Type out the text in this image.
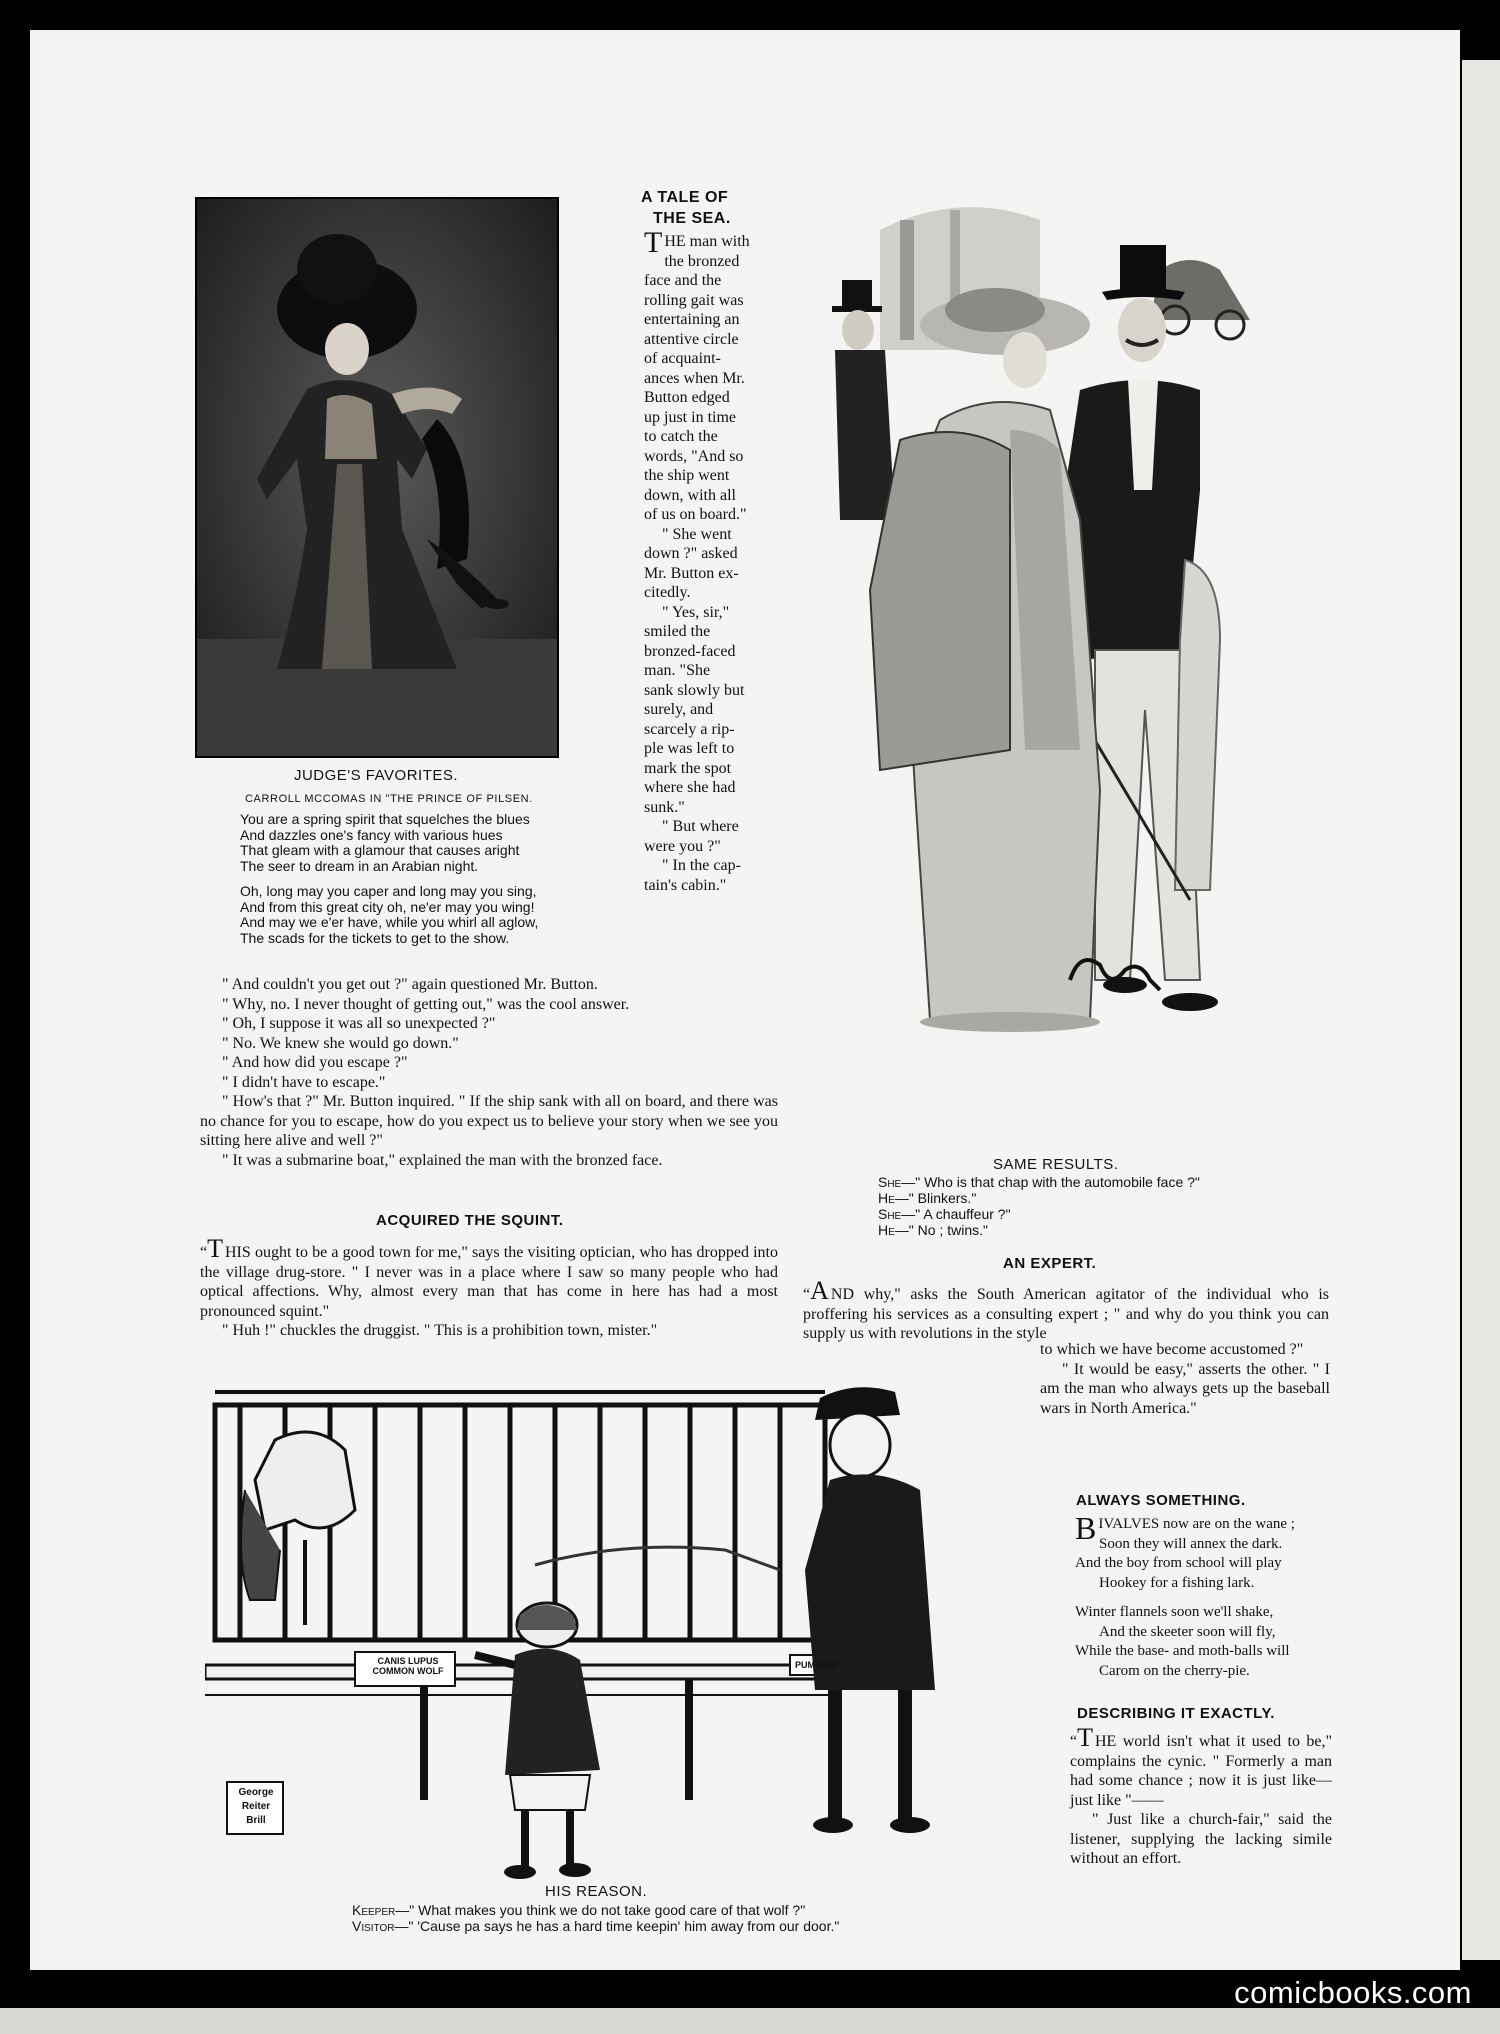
comicbooks.com
JUDGE'S FAVORITES.
CARROLL MCCOMAS IN "THE PRINCE OF PILSEN.

You are a spring spirit that squelches the blues

And dazzles one's fancy with various hues

That gleam with a glamour that causes aright

The seer to dream in an Arabian night.

Oh, long may you caper and long may you sing,

And from this great city oh, ne'er may you wing!

And may we e'er have, while you whirl all aglow,

The scads for the tickets to get to the show.

A TALE OF
THE SEA.

THE man with

the bronzed

face and the

rolling gait was

entertaining an

attentive circle

of acquaint-

ances when Mr.

Button edged

up just in time

to catch the

words, "And so

the ship went

down, with all

of us on board."

" She went

down ?" asked

Mr. Button ex-

citedly.

" Yes, sir,"

smiled the

bronzed-faced

man. "She

sank slowly but

surely, and

scarcely a rip-

ple was left to

mark the spot

where she had

sunk."

" But where

were you ?"

" In the cap-

tain's cabin."

" And couldn't you get out ?" again questioned Mr. Button.

" Why, no. I never thought of getting out," was the cool answer.

" Oh, I suppose it was all so unexpected ?"

" No. We knew she would go down."

" And how did you escape ?"

" I didn't have to escape."

" How's that ?" Mr. Button inquired. " If the ship sank with all on board, and there was no chance for you to escape, how do you expect us to believe your story when we see you sitting here alive and well ?"

" It was a submarine boat," explained the man with the bronzed face.	SAME RESULTS.
She—" Who is that chap with the automobile face ?"
He—" Blinkers."
She—" A chauffeur ?"
He—" No ; twins."
ACQUIRED THE SQUINT.

“T HIS ought to be a good town for me," says the visiting optician, who has dropped into the village drug-store. " I never was in a place where I saw so many people who had optical affections. Why, almost every man that has come in here has had a most pronounced squint."

" Huh !" chuckles the druggist. " This is a prohibition town, mister."

AN EXPERT.

“A ND why," asks the South American agitator of the individual who is proffering his services as a consulting expert ; " and why do you think you can supply us with revolutions in the style

to which we have become accustomed ?"

" It would be easy," asserts the other. " I am the man who always gets up the baseball wars in North America."

ALWAYS SOMETHING.

BIVALVES now are on the wane ;

Soon they will annex the dark.

And the boy from school will play

Hookey for a fishing lark.

Winter flannels soon we'll shake,

And the skeeter soon will fly,

While the base- and moth-balls will

Carom on the cherry-pie.

DESCRIBING IT EXACTLY.

“T HE world isn't what it used to be," complains the cynic. " Formerly a man had some chance ; now it is just like—just like "——

" Just like a church-fair," said the listener, supplying the lacking simile without an effort.

CANIS LUPUS
COMMON WOLF
PUMA(HU
George
Reiter
Brill
HIS REASON.
Keeper—" What makes you think we do not take good care of that wolf ?"
Visitor—" 'Cause pa says he has a hard time keepin' him away from our door."
